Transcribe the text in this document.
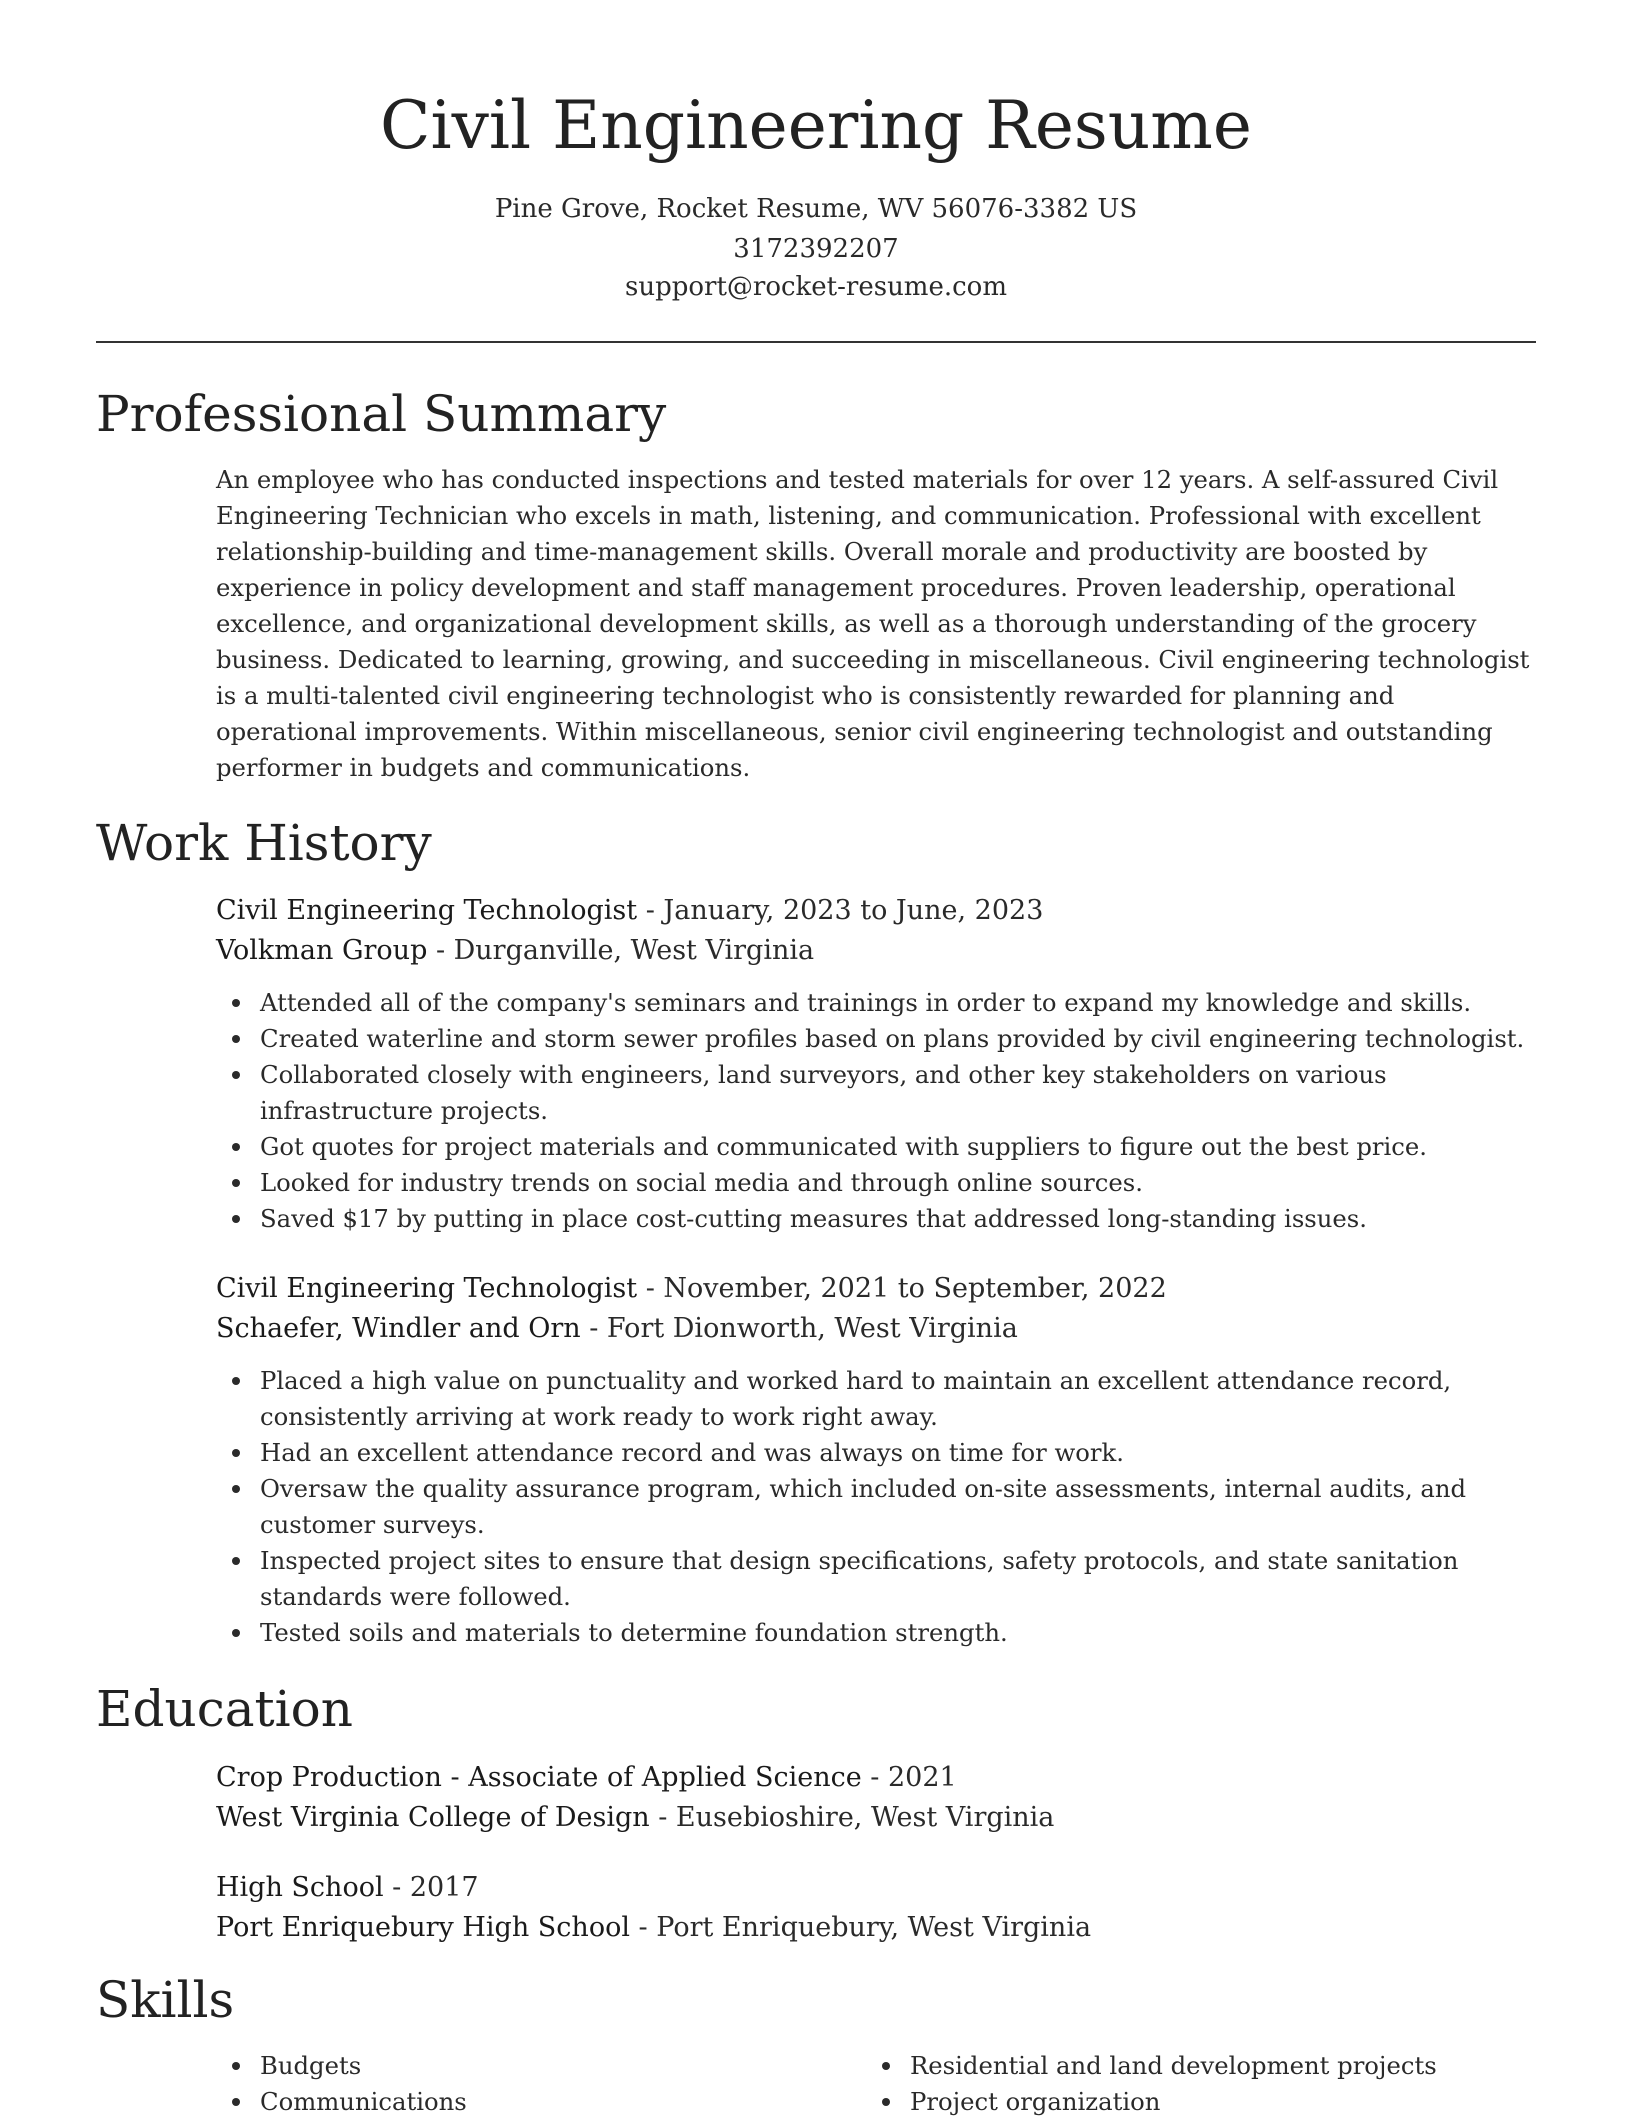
Civil Engineering Resume
Pine Grove, Rocket Resume, WV 56076-3382 US
3172392207
support@rocket-resume.com
Professional Summary

An employee who has conducted inspections and tested materials for over 12 years. A self-assured Civil Engineering Technician who excels in math, listening, and communication. Professional with excellent relationship-building and time-management skills. Overall morale and productivity are boosted by experience in policy development and staff management procedures. Proven leadership, operational excellence, and organizational development skills, as well as a thorough understanding of the grocery business. Dedicated to learning, growing, and succeeding in miscellaneous. Civil engineering technologist is a multi-talented civil engineering technologist who is consistently rewarded for planning and operational improvements. Within miscellaneous, senior civil engineering technologist and outstanding performer in budgets and communications.

Work History
Civil Engineering Technologist - January, 2023 to June, 2023
Volkman Group - Durganville, West Virginia
Attended all of the company's seminars and trainings in order to expand my knowledge and skills.
Created waterline and storm sewer profiles based on plans provided by civil engineering technologist.
Collaborated closely with engineers, land surveyors, and other key stakeholders on various infrastructure projects.
Got quotes for project materials and communicated with suppliers to figure out the best price.
Looked for industry trends on social media and through online sources.
Saved $17 by putting in place cost-cutting measures that addressed long-standing issues.
Civil Engineering Technologist - November, 2021 to September, 2022
Schaefer, Windler and Orn - Fort Dionworth, West Virginia
Placed a high value on punctuality and worked hard to maintain an excellent attendance record, consistently arriving at work ready to work right away.
Had an excellent attendance record and was always on time for work.
Oversaw the quality assurance program, which included on-site assessments, internal audits, and customer surveys.
Inspected project sites to ensure that design specifications, safety protocols, and state sanitation standards were followed.
Tested soils and materials to determine foundation strength.
Education
Crop Production - Associate of Applied Science - 2021
West Virginia College of Design - Eusebioshire, West Virginia
High School - 2017
Port Enriquebury High School - Port Enriquebury, West Virginia
Skills
Budgets
Communications
Residential and land development projects
Project organization
